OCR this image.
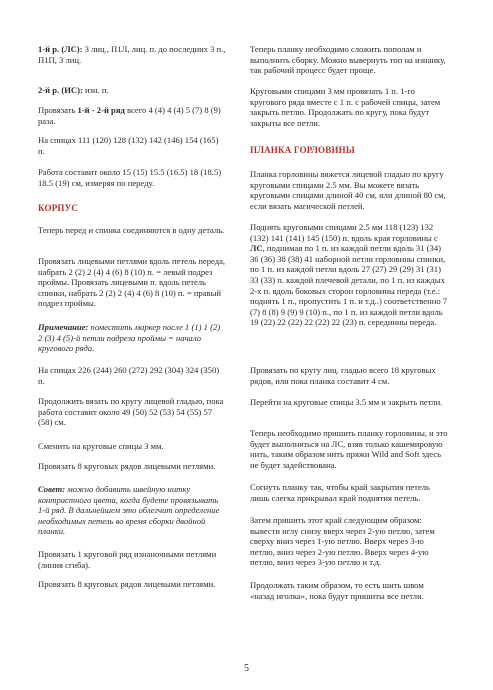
1-й р. (ЛС): 3 лиц., П1Л, лиц. п. до последних 3 п., П1П, 3 лиц.

2-й р. (ИС): изн. п.

Провязать 1-й - 2-й ряд всего 4 (4) 4 (4) 5 (7) 8 (9) раза.

На спицах 111 (120) 128 (132) 142 (146) 154 (165) п.

Работа составит около 15 (15) 15.5 (16.5) 18 (18.5) 18.5 (19) см, измеряя по переду.

КОРПУС

Теперь перед и спинка соединяются в одну деталь.

Провязать лицевыми петлями вдоль петель переда, набрать 2 (2) 2 (4) 4 (6) 8 (10) п. = левый подрез проймы. Провязать лицевыми п. вдоль петель спинки, набрать 2 (2) 2 (4) 4 (6) 8 (10) п. = правый подрез проймы.

Примечание: поместить маркер после 1 (1) 1 (2) 2 (3) 4 (5)-й петли подреза проймы = начало кругового ряда.

На спицах 226 (244) 260 (272) 292 (304) 324 (350) п.

Продолжить вязать по кругу лицевой гладью, пока работа составит около 49 (50) 52 (53) 54 (55) 57 (58) см.

Сменить на круговые спицы 3 мм.

Провязать 8 круговых рядов лицевыми петлями.

Совет: можно добавить швейную нитку контрастного цвета, когда будете провязывать 1-й ряд. В дальнейшем это облегчит определение необходимых петель во время сборки двойной планки.

Провязать 1 круговой ряд изнаночными петлями (линия сгиба).

Провязать 8 круговых рядов лицевыми петлями.

Теперь планку необходимо сложить пополам и выполнить сборку. Можно вывернуть топ на изнанку, так рабочий процесс будет проще.

Круговыми спицами 3 мм провязать 1 п. 1-го кругового ряда вместе с 1 п. с рабочей спицы, затем закрыть петлю. Продолжать по кругу, пока будут закрыты все петли.

ПЛАНКА ГОРЛОВИНЫ

Планка горловины вяжется лицевой гладью по кругу круговыми спицами 2.5 мм. Вы можете вязать круговыми спицами длиной 40 см, или длиной 80 см, если вязать магической петлей.

Поднять круговыми спицами 2.5 мм 118 (123) 132 (132) 141 (141) 145 (150) п. вдоль края горловины с ЛС, поднимая по 1 п. из каждой петли вдоль 31 (34) 36 (36) 38 (38) 41 наборной петли горловины спинки, по 1 п. из каждой петли вдоль 27 (27) 29 (29) 31 (31) 33 (33) п. каждой плечевой детали, по 1 п. из каждых 2-х п. вдоль боковых сторон горловины переда (т.е.: поднять 1 п., пропустить 1 п. и т.д..) соответственно 7 (7) 8 (8) 9 (9) 9 (10) п., по 1 п. из каждой петли вдоль 19 (22) 22 (22) 22 (22) 22 (23) п. серединны переда.

Провязать по кругу лиц. гладью всего 18 круговых рядов, или пока планка составит 4 см.

Перейти на круговые спицы 3.5 мм и закрыть петли.

Теперь необходимо пришить планку горловины, и это будет выполняться на ЛС, взяв только кашемировую нить, таким образом нить пряжи Wild and Soft здесь не будет задействована.

Согнуть планку так, чтобы край закрытия петель лишь слегка прикрывал край поднятия петель.

Затем пришить этот край следующим образом: вывести иглу снизу вверх через 2-ую петлю, затем сверху вниз через 1-ую петлю. Вверх через 3-ю петлю, вниз через 2-ую петлю. Вверх через 4-ую петлю, вниз через 3-ую петлю и т.д.

Продолжать таким образом, то есть шить швом «назад иголка», пока будут пришиты все петли.

5
